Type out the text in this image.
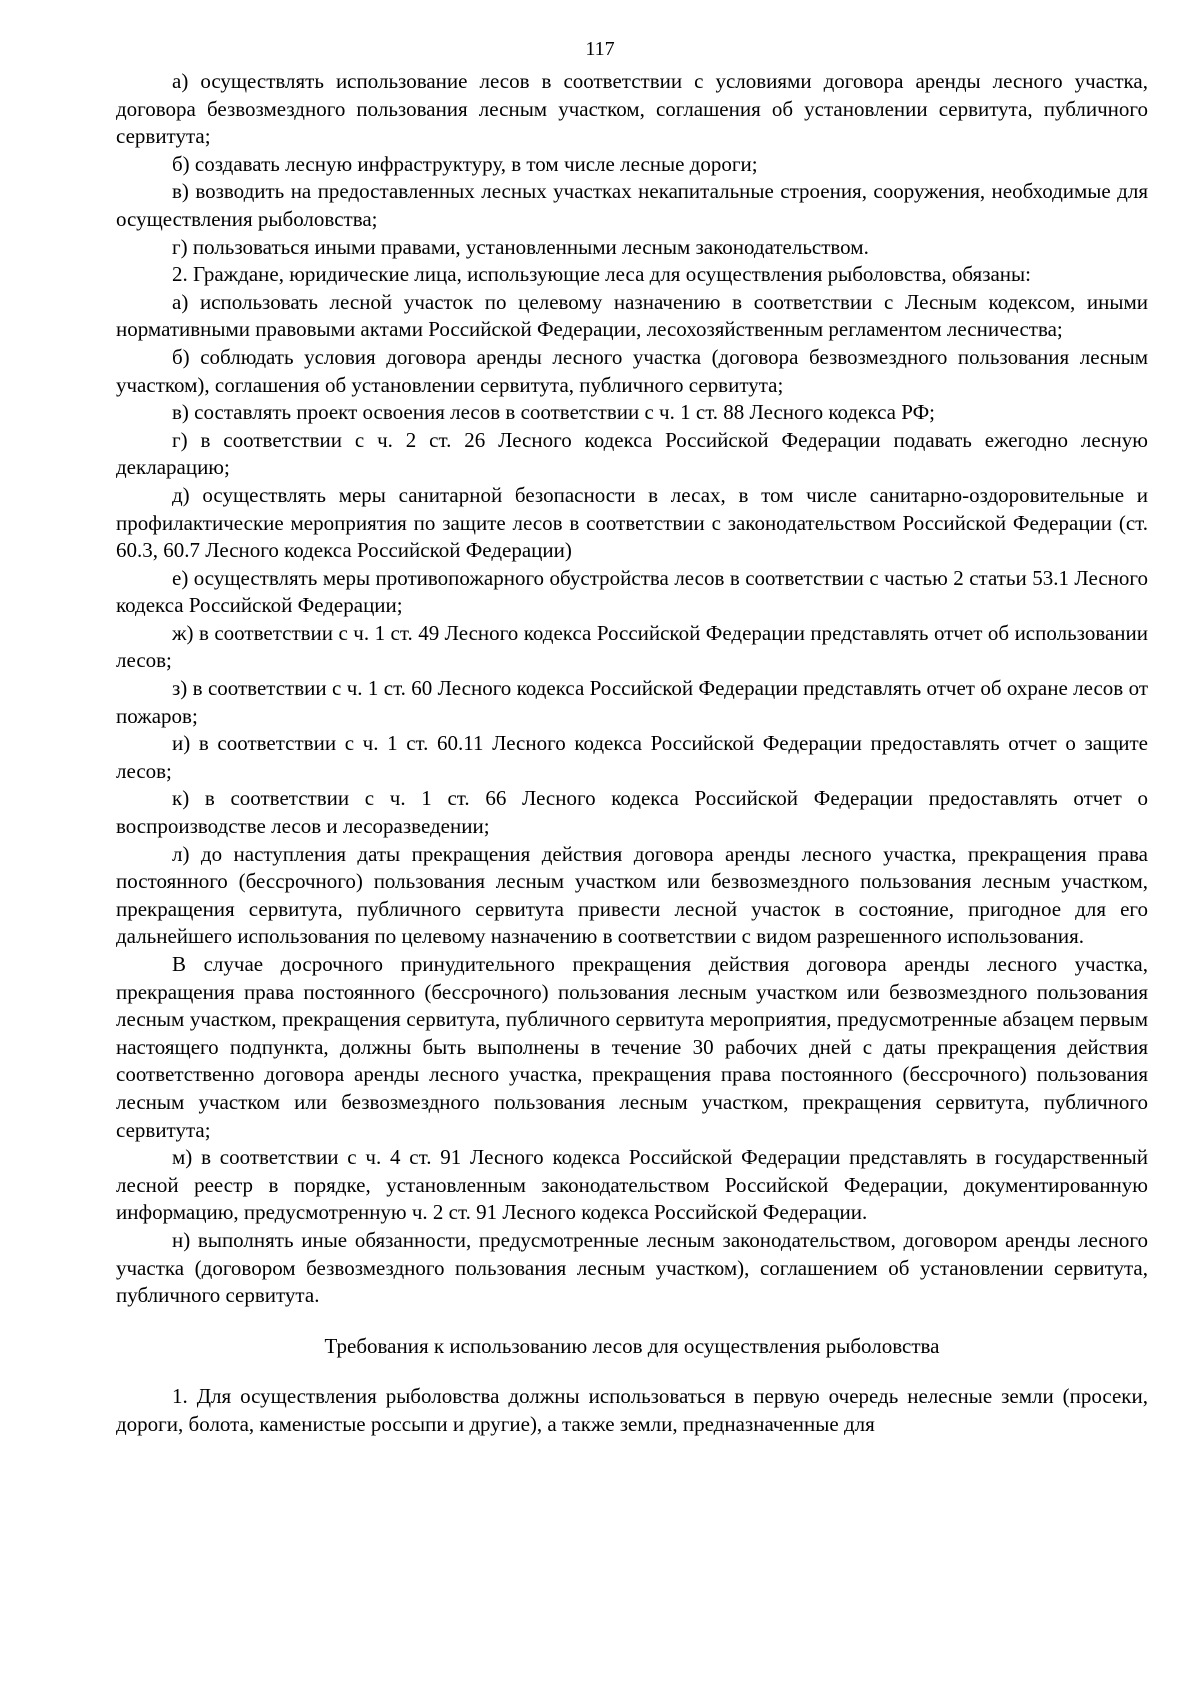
117

а) осуществлять использование лесов в соответствии с условиями договора аренды лесного участка, договора безвозмездного пользования лесным участком, соглашения об установлении сервитута, публичного сервитута;

б) создавать лесную инфраструктуру, в том числе лесные дороги;

в) возводить на предоставленных лесных участках некапитальные строения, сооружения, необходимые для осуществления рыболовства;

г) пользоваться иными правами, установленными лесным законодательством.

2. Граждане, юридические лица, использующие леса для осуществления рыболовства, обязаны:

а) использовать лесной участок по целевому назначению в соответствии с Лесным кодексом, иными нормативными правовыми актами Российской Федерации, лесохозяйственным регламентом лесничества;

б) соблюдать условия договора аренды лесного участка (договора безвозмездного пользования лесным участком), соглашения об установлении сервитута, публичного сервитута;

в) составлять проект освоения лесов в соответствии с ч. 1 ст. 88 Лесного кодекса РФ;

г) в соответствии с ч. 2 ст. 26 Лесного кодекса Российской Федерации подавать ежегодно лесную декларацию;

д) осуществлять меры санитарной безопасности в лесах, в том числе санитарно-оздоровительные и профилактические мероприятия по защите лесов в соответствии с законодательством Российской Федерации (ст. 60.3, 60.7 Лесного кодекса Российской Федерации)

е) осуществлять меры противопожарного обустройства лесов в соответствии с частью 2 статьи 53.1 Лесного кодекса Российской Федерации;

ж) в соответствии с ч. 1 ст. 49 Лесного кодекса Российской Федерации представлять отчет об использовании лесов;

з) в соответствии с ч. 1 ст. 60 Лесного кодекса Российской Федерации представлять отчет об охране лесов от пожаров;

и) в соответствии с ч. 1 ст. 60.11 Лесного кодекса Российской Федерации предоставлять отчет о защите лесов;

к) в соответствии с ч. 1 ст. 66 Лесного кодекса Российской Федерации предоставлять отчет о воспроизводстве лесов и лесоразведении;

л) до наступления даты прекращения действия договора аренды лесного участка, прекращения права постоянного (бессрочного) пользования лесным участком или безвозмездного пользования лесным участком, прекращения сервитута, публичного сервитута привести лесной участок в состояние, пригодное для его дальнейшего использования по целевому назначению в соответствии с видом разрешенного использования.

В случае досрочного принудительного прекращения действия договора аренды лесного участка, прекращения права постоянного (бессрочного) пользования лесным участком или безвозмездного пользования лесным участком, прекращения сервитута, публичного сервитута мероприятия, предусмотренные абзацем первым настоящего подпункта, должны быть выполнены в течение 30 рабочих дней с даты прекращения действия соответственно договора аренды лесного участка, прекращения права постоянного (бессрочного) пользования лесным участком или безвозмездного пользования лесным участком, прекращения сервитута, публичного сервитута;

м) в соответствии с ч. 4 ст. 91 Лесного кодекса Российской Федерации представлять в государственный лесной реестр в порядке, установленным законодательством Российской Федерации, документированную информацию, предусмотренную ч. 2 ст. 91 Лесного кодекса Российской Федерации.

н) выполнять иные обязанности, предусмотренные лесным законодательством, договором аренды лесного участка (договором безвозмездного пользования лесным участком), соглашением об установлении сервитута, публичного сервитута.

Требования к использованию лесов для осуществления рыболовства

1. Для осуществления рыболовства должны использоваться в первую очередь нелесные земли (просеки, дороги, болота, каменистые россыпи и другие), а также земли, предназначенные для
